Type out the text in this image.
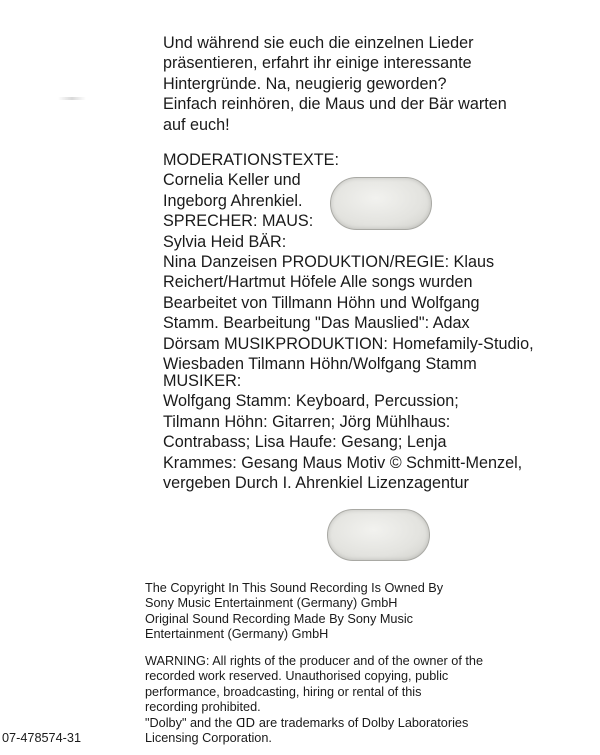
Und während sie euch die einzelnen Lieder
präsentieren, erfahrt ihr einige interessante
Hintergründe. Na, neugierig geworden?
Einfach reinhören, die Maus und der Bär warten
auf euch!
MODERATIONSTEXTE:
Cornelia Keller und
Ingeborg Ahrenkiel.
SPRECHER: MAUS:
Sylvia Heid BÄR:
Nina Danzeisen PRODUKTION/REGIE: Klaus
Reichert/Hartmut Höfele Alle songs wurden
Bearbeitet von Tillmann Höhn und Wolfgang
Stamm. Bearbeitung "Das Mauslied": Adax
Dörsam MUSIKPRODUKTION: Homefamily-Studio,
Wiesbaden Tilmann Höhn/Wolfgang Stamm
MUSIKER:
Wolfgang Stamm: Keyboard, Percussion;
Tilmann Höhn: Gitarren; Jörg Mühlhaus:
Contrabass; Lisa Haufe: Gesang; Lenja
Krammes: Gesang Maus Motiv © Schmitt-Menzel,
vergeben Durch I. Ahrenkiel Lizenzagentur
The Copyright In This Sound Recording Is Owned By
Sony Music Entertainment (Germany) GmbH
Original Sound Recording Made By Sony Music
Entertainment (Germany) GmbH
WARNING: All rights of the producer and of the owner of the
recorded work reserved. Unauthorised copying, public
performance, broadcasting, hiring or rental of this
recording prohibited.
"Dolby" and the ᗡᗞ are trademarks of Dolby Laboratories
Licensing Corporation.
07-478574-31
